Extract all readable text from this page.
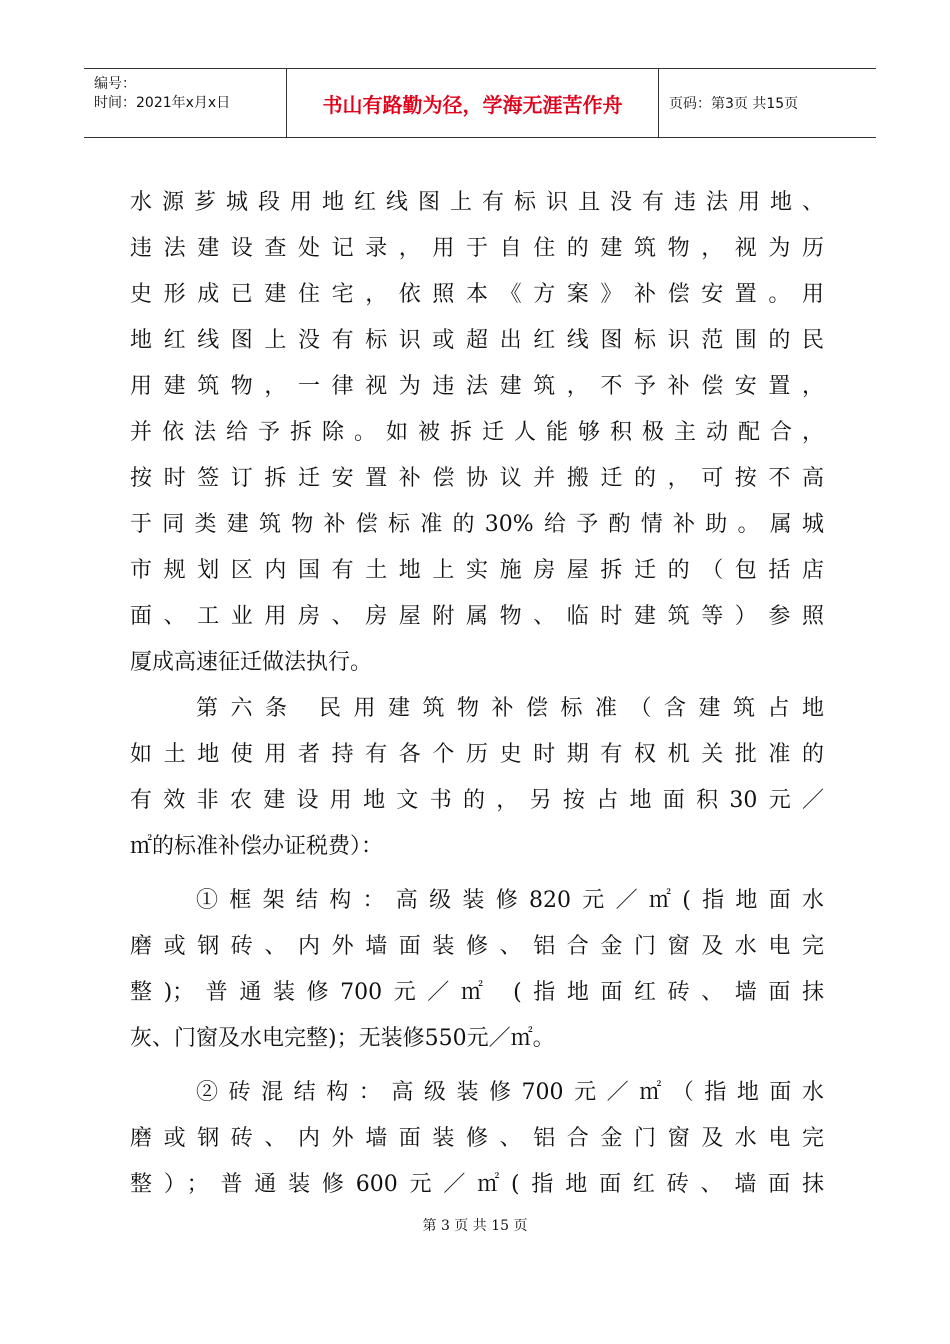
编号：
时间：2021年x月x日	书山有路勤为径，学海无涯苦作舟	页码：第3页 共15页
水源芗城段用地红线图上有标识且没有违法用地、
违法建设查处记录，用于自住的建筑物，视为历
史形成已建住宅，依照本《方案》补偿安置。用
地红线图上没有标识或超出红线图标识范围的民
用建筑物，一律视为违法建筑，不予补偿安置，
并依法给予拆除。如被拆迁人能够积极主动配合，
按时签订拆迁安置补偿协议并搬迁的，可按不高
于同类建筑物补偿标准的30%给予酌情补助。属城
市规划区内国有土地上实施房屋拆迁的（包括店
面、工业用房、房屋附属物、临时建筑等）参照
厦成高速征迁做法执行。
第六条 民用建筑物补偿标准（含建筑占地
如土地使用者持有各个历史时期有权机关批准的
有效非农建设用地文书的，另按占地面积30元／
㎡的标准补偿办证税费）：
①框架结构：高级装修820元／㎡(指地面水
磨或钢砖、内外墙面装修、铝合金门窗及水电完
整)；普通装修700元／㎡ (指地面红砖、墙面抹
灰、门窗及水电完整)；无装修550元／㎡。
②砖混结构：高级装修700元／㎡（指地面水
磨或钢砖、内外墙面装修、铝合金门窗及水电完
整）；普通装修600元／㎡(指地面红砖、墙面抹
第 3 页 共 15 页
